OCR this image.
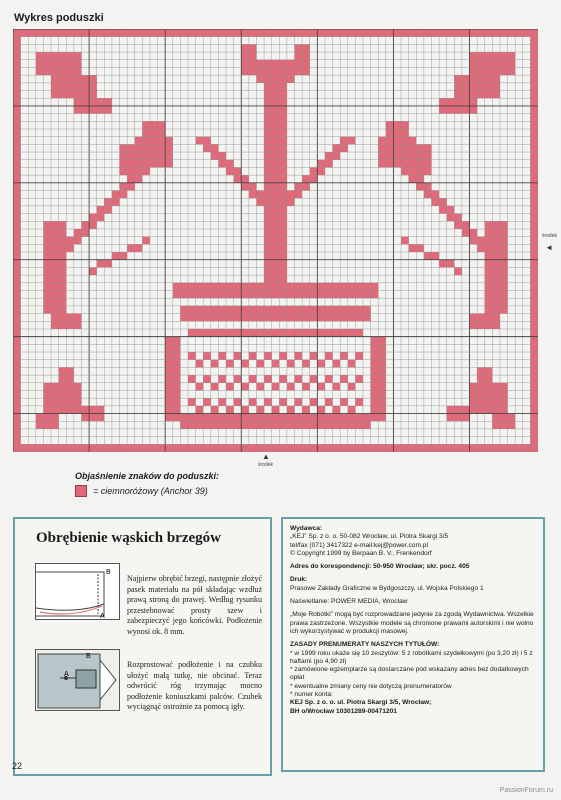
Wykres poduszki
środek
◄
▲
środek
Objaśnienie znaków do poduszki:
= ciemnoróżowy (Anchor 39)
Obrębienie wąskich brzegów
B
A
Najpierw obrębić brzegi, następnie złożyć pasek materiału na pół składając wzdłuż prawą stroną do prawej. Według rysunku przestebnować prosty szew i zabezpieczyć jego końcówki. Podłożenie wynosi ok. 8 mm.
B
A
Rozprostować podłożenie i na czubku ułożyć małą tutkę, nie obcinać. Teraz odwrócić róg trzymając mocno podłożenie koniuszkami palców. Czubek wyciągnąć ostrożnie za pomocą igły.
Wydawca:
„KEJ” Sp. z o. o. 50-082 Wrocław, ul. Piotra Skargi 3/5
tel/fax (071) 3417322 e-mail:kej@power.com.pl
© Copyright 1999 by Berpaan B. V., Frenkendorf
Adres do korespondencji: 50-950 Wrocław; skr. pocz. 405
Druk:
Prasowe Zakłady Graficzne w Bydgoszczy, ul. Wojska Polskiego 1
Naświetlanie: POWER MEDIA, Wrocław
„Moje Robótki” mogą być rozprowadzane jedynie za zgodą Wydawnictwa. Wszelkie prawa zastrzeżone. Wszystkie modele są chronione prawami autorskimi i nie wolno ich wykorzystywać w produkcji masowej.
ZASADY PRENUMERATY NASZYCH TYTUŁÓW:
* w 1999 roku ukaże się 10 zeszytów: 5 z robótkami szydełkowymi (po 3,20 zł) i 5 z haftami (po 4,90 zł)
* zamówione egzemplarze są dostarczane pod wskazany adres bez dodatkowych opłat
* ewentualne zmiany ceny nie dotyczą prenumeratorów
* numer konta:
KEJ Sp. z o. o. ul. Piotra Skargi 3/5, Wrocław;
BH o/Wrocław 10301289-00471201
22
PassionForum.ru
